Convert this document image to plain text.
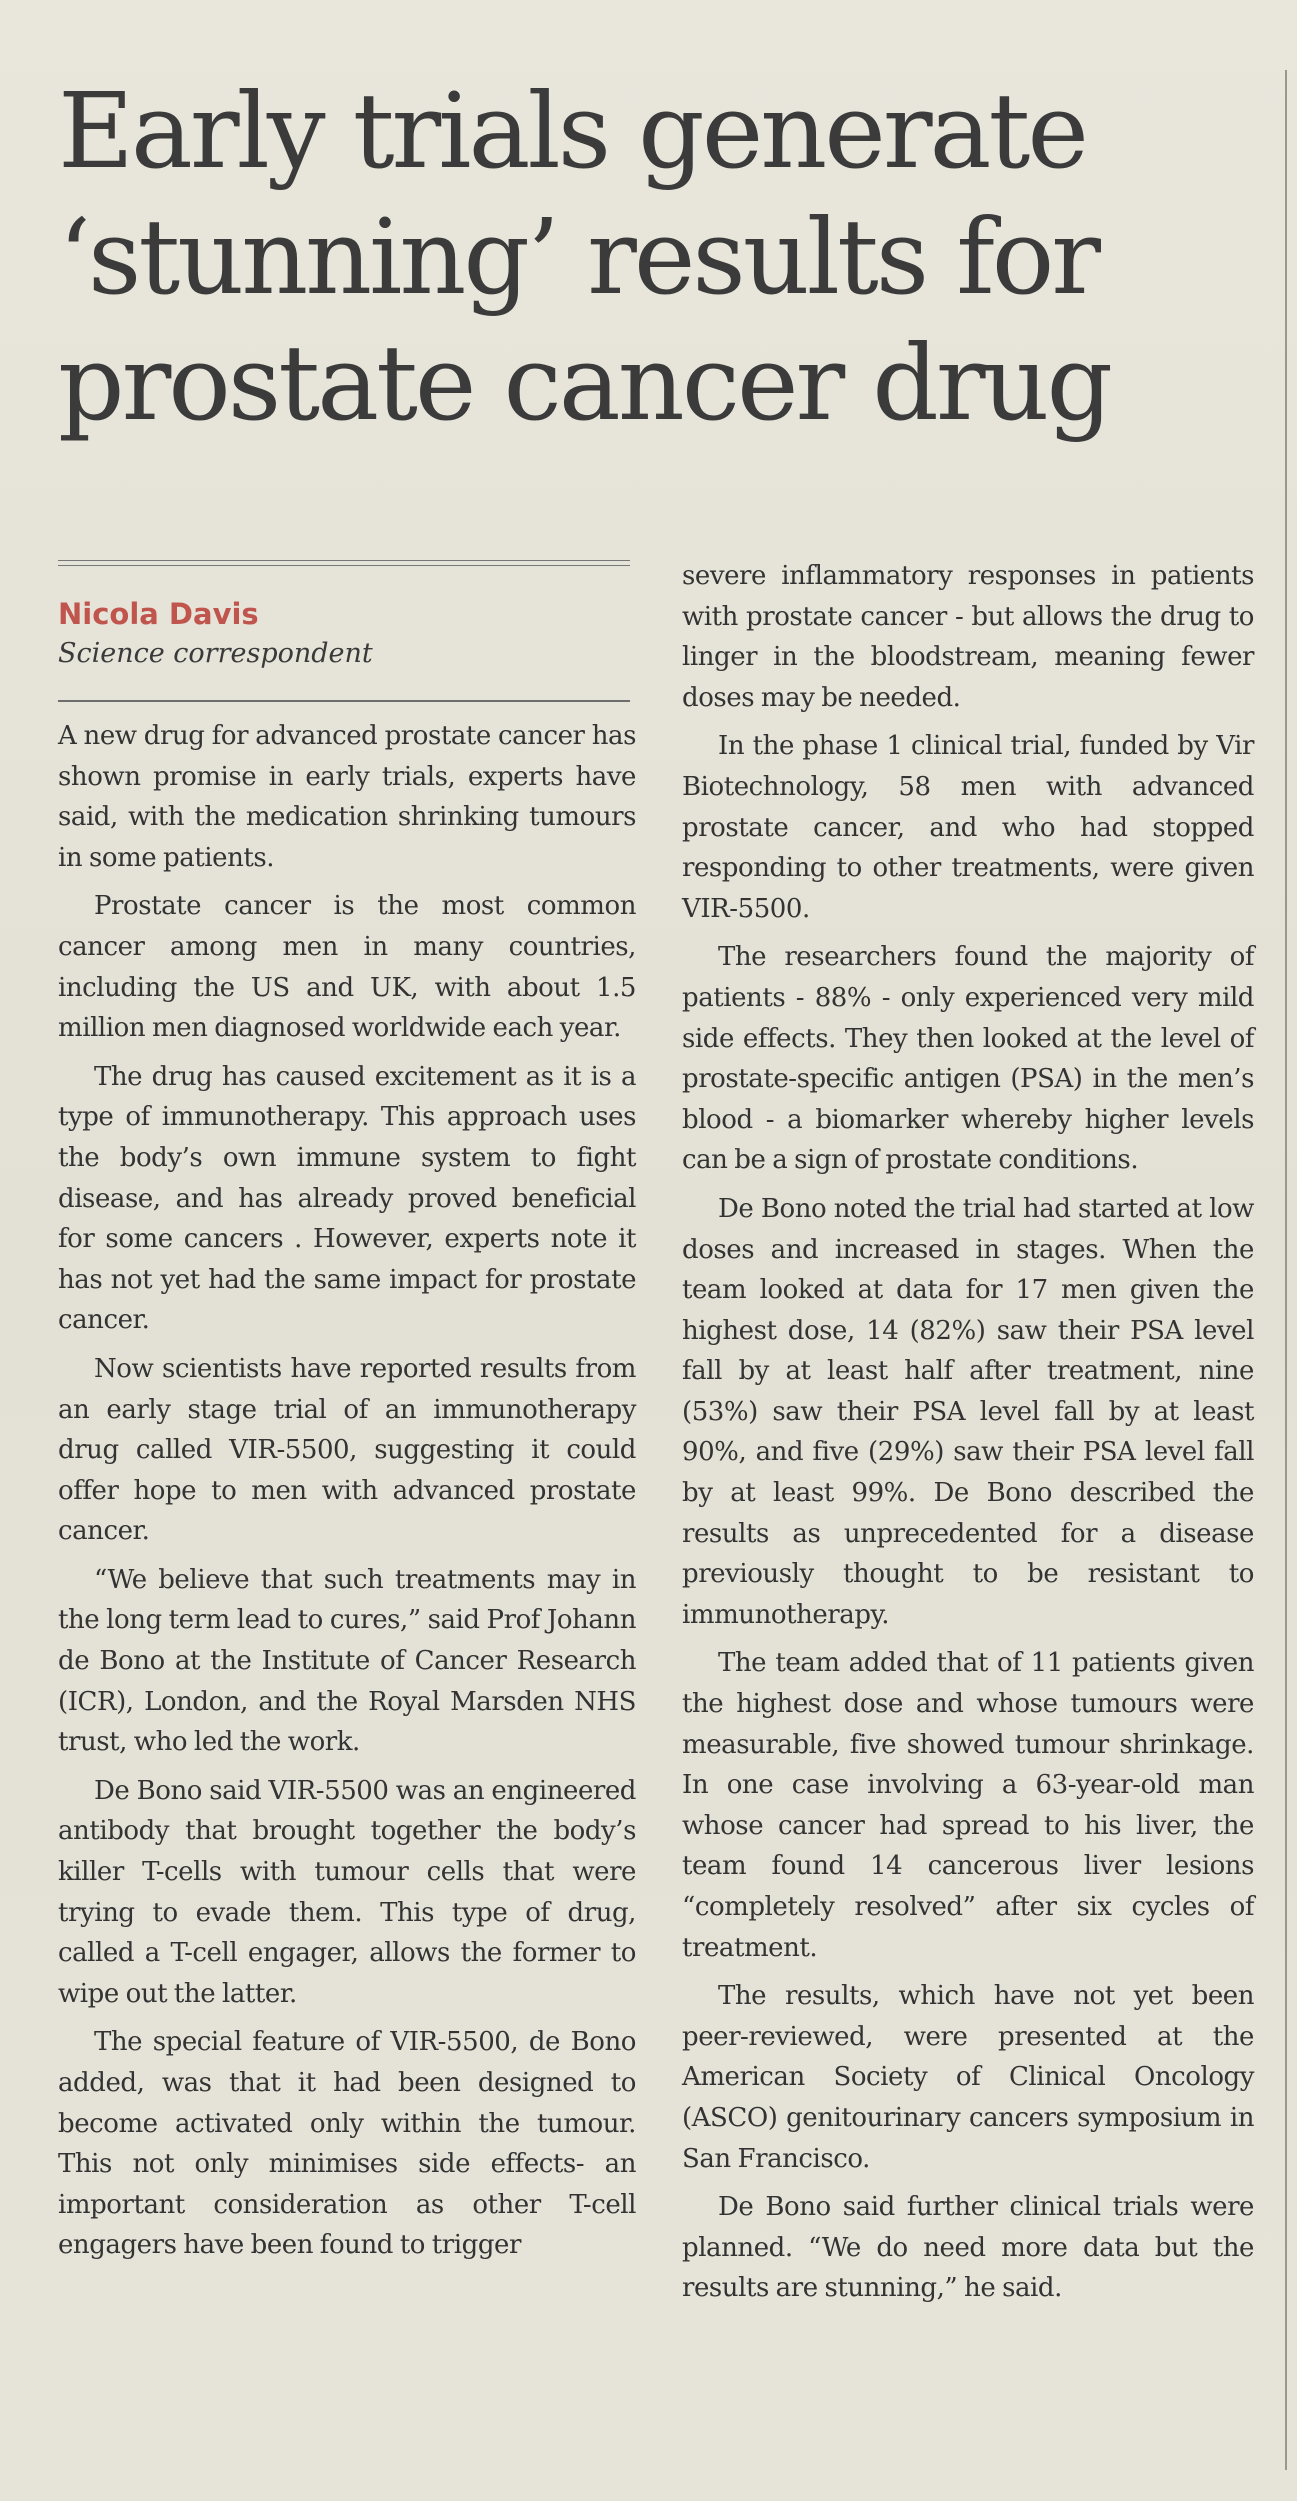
Early trials generate ‘stunning’ results for prostate cancer drug
Nicola Davis
Science correspondent

A new drug for advanced prostate cancer has shown promise in early trials, experts have said, with the medication shrinking tumours in some patients.

Prostate cancer is the most common cancer among men in many countries, including the US and UK, with about 1.5 million men diagnosed worldwide each year.

The drug has caused excitement as it is a type of immunotherapy. This approach uses the body’s own immune system to fight disease, and has already proved beneficial for some cancers . However, experts note it has not yet had the same impact for prostate cancer.

Now scientists have reported results from an early stage trial of an immunotherapy drug called VIR-5500, suggesting it could offer hope to men with advanced prostate cancer.

“We believe that such treatments may in the long term lead to cures,” said Prof Johann de Bono at the Institute of Cancer Research (ICR), London, and the Royal Marsden NHS trust, who led the work.

De Bono said VIR-5500 was an engineered antibody that brought together the body’s killer T-cells with tumour cells that were trying to evade them. This type of drug, called a T-cell engager, allows the former to wipe out the latter.

The special feature of VIR-5500, de Bono added, was that it had been designed to become activated only within the tumour. This not only minimises side effects- an important consideration as other T-cell engagers have been found to trigger

severe inflammatory responses in patients with prostate cancer - but allows the drug to linger in the bloodstream, meaning fewer doses may be needed.

In the phase 1 clinical trial, funded by Vir Biotechnology, 58 men with advanced prostate cancer, and who had stopped responding to other treatments, were given VIR-5500.

The researchers found the majority of patients - 88% - only experienced very mild side effects. They then looked at the level of prostate-specific antigen (PSA) in the men’s blood - a biomarker whereby higher levels can be a sign of prostate conditions.

De Bono noted the trial had started at low doses and increased in stages. When the team looked at data for 17 men given the highest dose, 14 (82%) saw their PSA level fall by at least half after treatment, nine (53%) saw their PSA level fall by at least 90%, and five (29%) saw their PSA level fall by at least 99%. De Bono described the results as unprecedented for a disease previously thought to be resistant to immunotherapy.

The team added that of 11 patients given the highest dose and whose tumours were measurable, five showed tumour shrinkage. In one case involving a 63-year-old man whose cancer had spread to his liver, the team found 14 cancerous liver lesions “completely resolved” after six cycles of treatment.

The results, which have not yet been peer-reviewed, were presented at the American Society of Clinical Oncology (ASCO) genitourinary cancers symposium in San Francisco.

De Bono said further clinical trials were planned. “We do need more data but the results are stunning,” he said.
